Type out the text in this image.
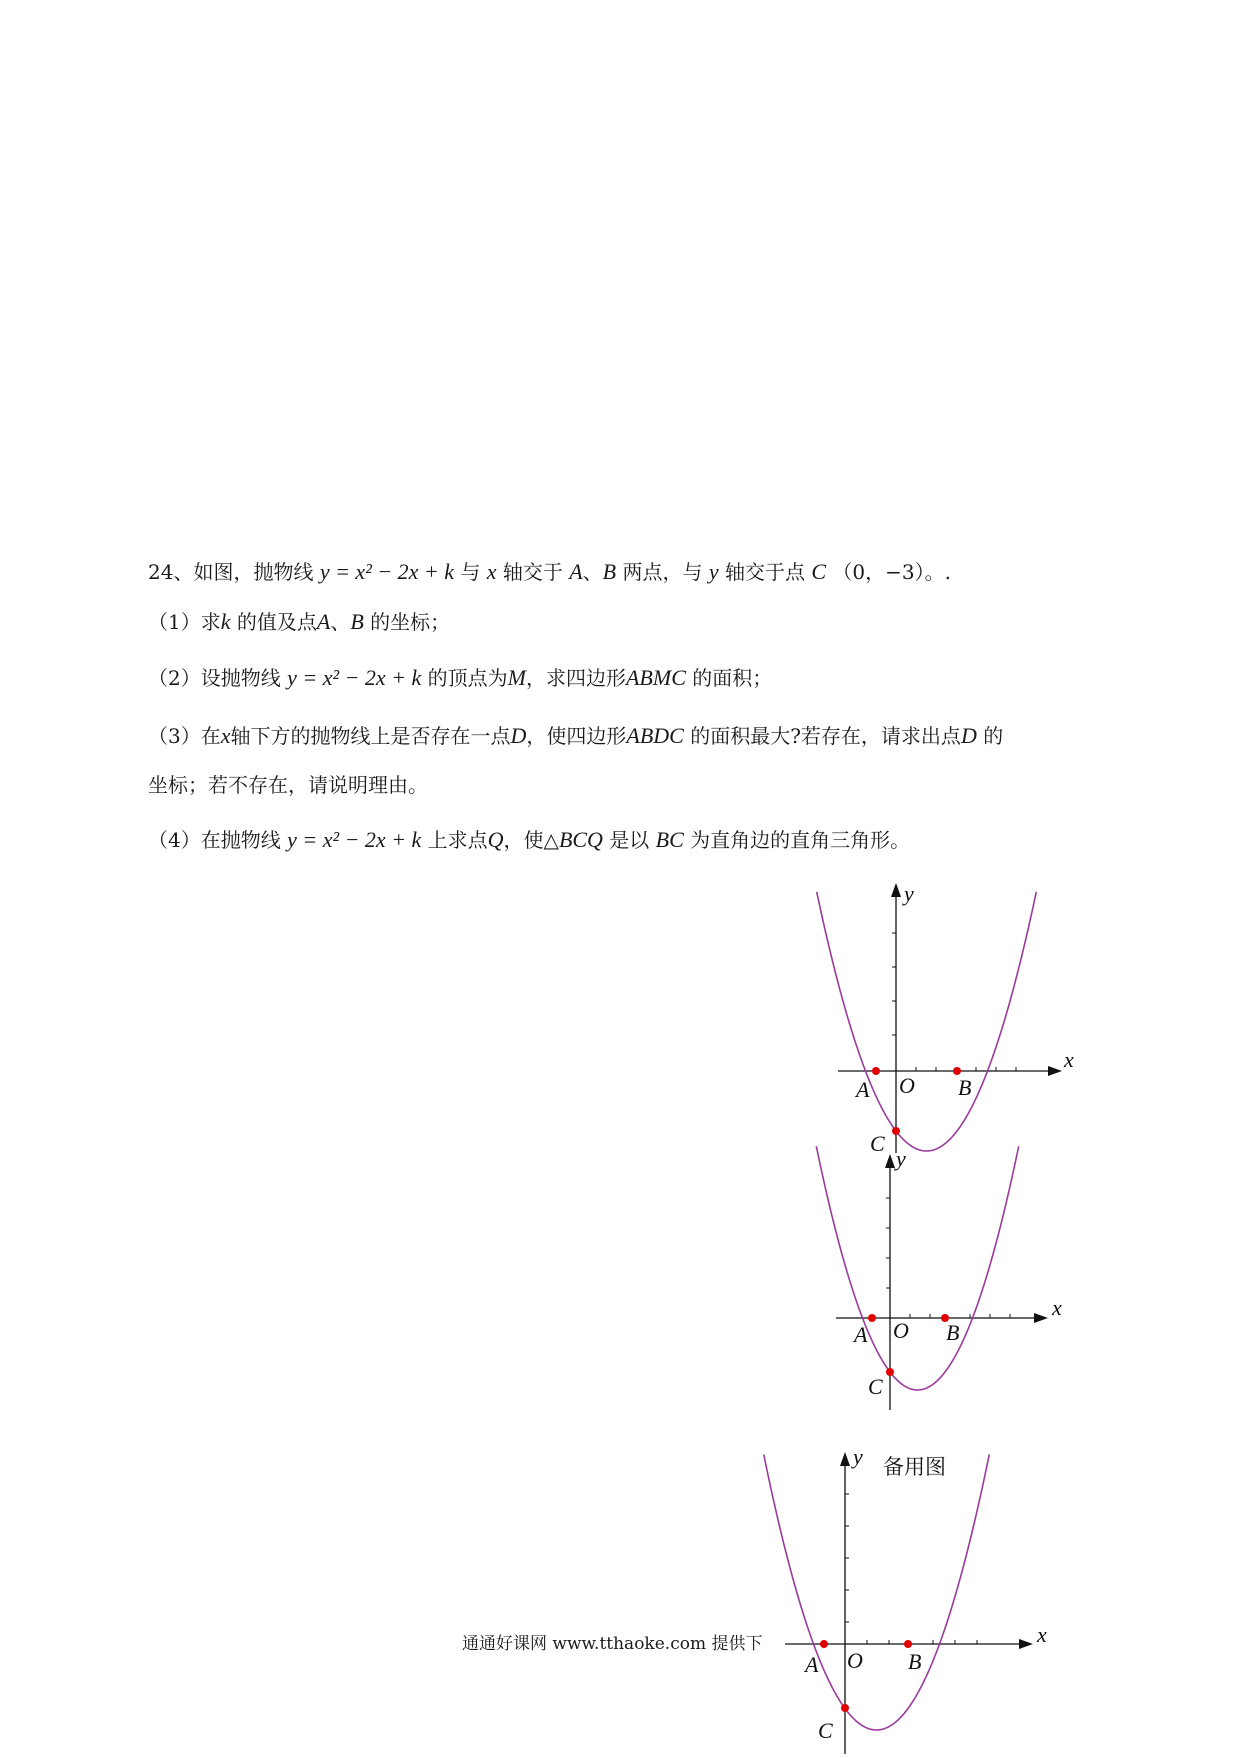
24、如图，抛物线 y = x² − 2x + k 与 x 轴交于 A、B 两点，与 y 轴交于点 C （0，−3）。.
（1）求k 的值及点A、B 的坐标；
（2）设抛物线 y = x² − 2x + k 的顶点为M，求四边形ABMC 的面积；
（3）在x轴下方的抛物线上是否存在一点D，使四边形ABDC 的面积最大?若存在，请求出点D 的
坐标；若不存在，请说明理由。
（4）在抛物线 y = x² − 2x + k 上求点Q，使△BCQ 是以 BC 为直角边的直角三角形。
y
x
O
A	B
C
y
x
O
A	B
C
y 备用图
x
O
A	B
C
通通好课网 www.tthaoke.com 提供下
